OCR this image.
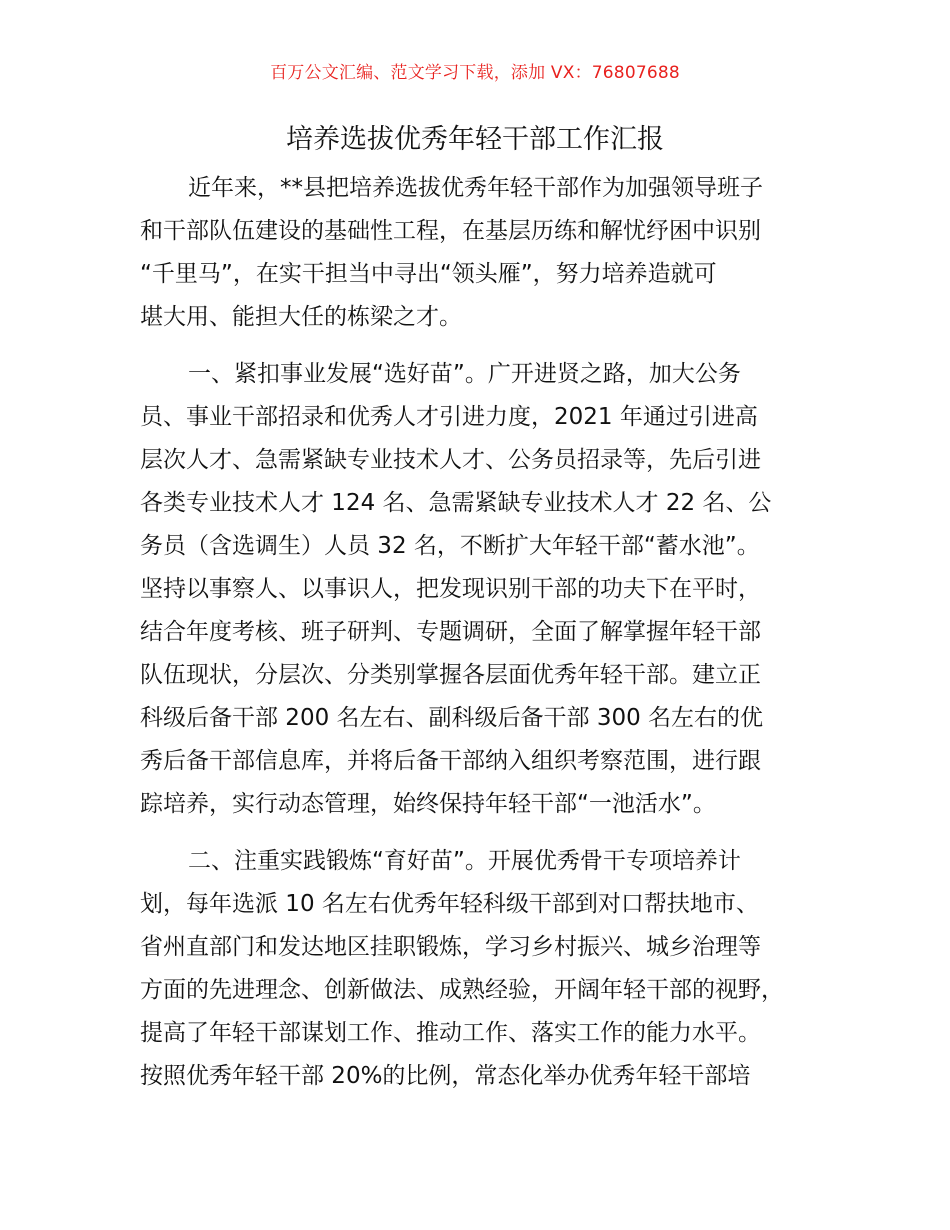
百万公文汇编、范文学习下载，添加 VX：76807688
培养选拔优秀年轻干部工作汇报
近年来，**县把培养选拔优秀年轻干部作为加强领导班子
和干部队伍建设的基础性工程，在基层历练和解忧纾困中识别
“千里马”，在实干担当中寻出“领头雁”，努力培养造就可
堪大用、能担大任的栋梁之才。
一、紧扣事业发展“选好苗”。广开进贤之路，加大公务
员、事业干部招录和优秀人才引进力度，2021 年通过引进高
层次人才、急需紧缺专业技术人才、公务员招录等，先后引进
各类专业技术人才 124 名、急需紧缺专业技术人才 22 名、公
务员（含选调生）人员 32 名，不断扩大年轻干部“蓄水池”。
坚持以事察人、以事识人，把发现识别干部的功夫下在平时，
结合年度考核、班子研判、专题调研，全面了解掌握年轻干部
队伍现状，分层次、分类别掌握各层面优秀年轻干部。建立正
科级后备干部 200 名左右、副科级后备干部 300 名左右的优
秀后备干部信息库，并将后备干部纳入组织考察范围，进行跟
踪培养，实行动态管理，始终保持年轻干部“一池活水”。
二、注重实践锻炼“育好苗”。开展优秀骨干专项培养计
划，每年选派 10 名左右优秀年轻科级干部到对口帮扶地市、
省州直部门和发达地区挂职锻炼，学习乡村振兴、城乡治理等
方面的先进理念、创新做法、成熟经验，开阔年轻干部的视野，
提高了年轻干部谋划工作、推动工作、落实工作的能力水平。
按照优秀年轻干部 20%的比例，常态化举办优秀年轻干部培
